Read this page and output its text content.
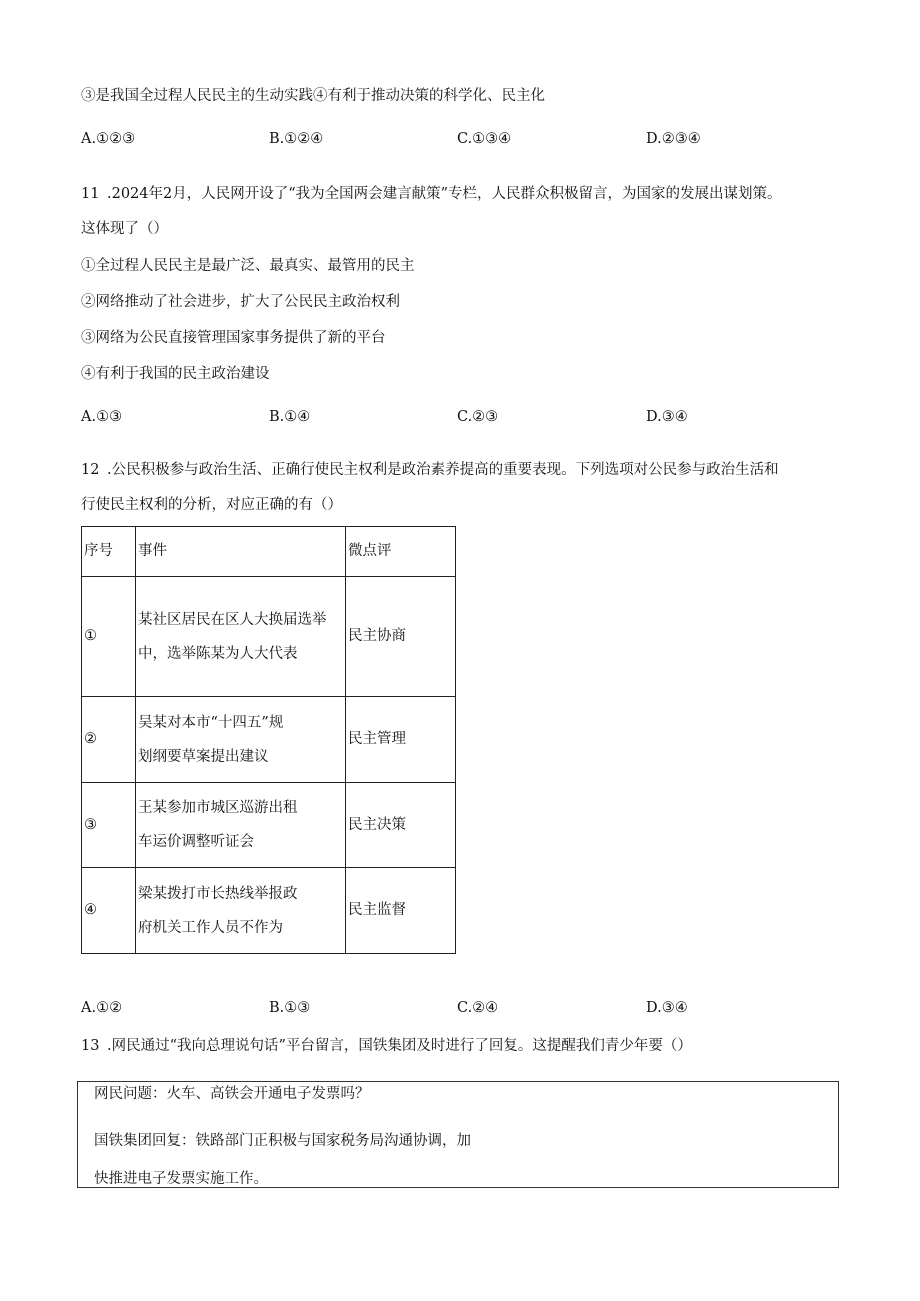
③是我国全过程人民民主的生动实践④有利于推动决策的科学化、民主化
A.①②③	B.①②④	C.①③④	D.②③④
11 .2024年2月，人民网开设了“我为全国两会建言献策”专栏，人民群众积极留言，为国家的发展出谋划策。
这体现了（）
①全过程人民民主是最广泛、最真实、最管用的民主
②网络推动了社会进步，扩大了公民民主政治权利
③网络为公民直接管理国家事务提供了新的平台
④有利于我国的民主政治建设
A.①③	B.①④	C.②③	D.③④
12 .公民积极参与政治生活、正确行使民主权利是政治素养提高的重要表现。下列选项对公民参与政治生活和
行使民主权利的分析，对应正确的有（）
序号	事件	微点评
①	某社区居民在区人大换届选举
中，选举陈某为人大代表	民主协商
②	吴某对本市“十四五”规
划纲要草案提出建议	民主管理
③	王某参加市城区巡游出租
车运价调整听证会	民主决策
④	梁某拨打市长热线举报政
府机关工作人员不作为	民主监督
A.①②	B.①③	C.②④	D.③④
13 .网民通过“我向总理说句话”平台留言，国铁集团及时进行了回复。这提醒我们青少年要（）
网民问题：火车、高铁会开通电子发票吗？
国铁集团回复：铁路部门正积极与国家税务局沟通协调，加
快推进电子发票实施工作。
